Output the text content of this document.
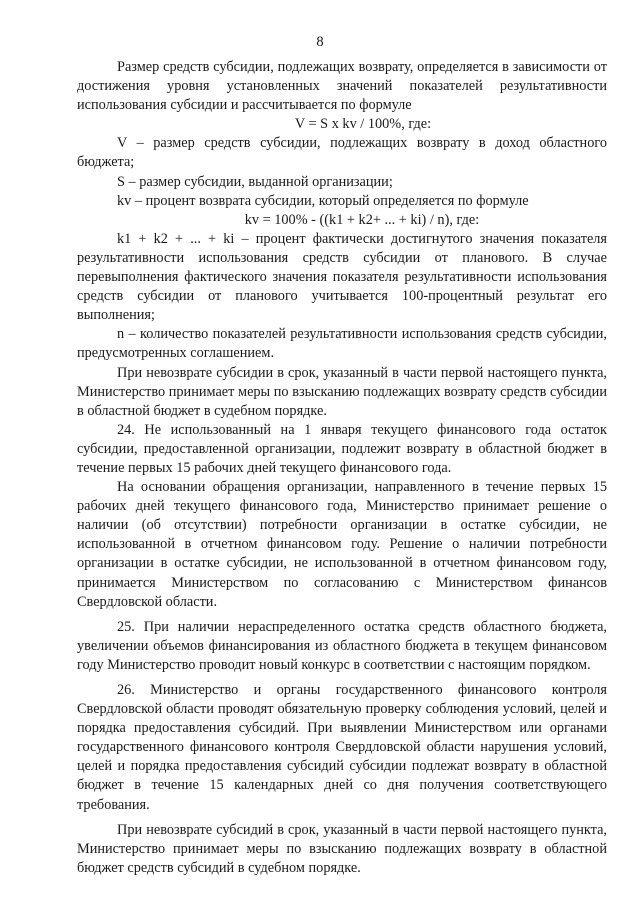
8

Размер средств субсидии, подлежащих возврату, определяется в зависимости от достижения уровня установленных значений показателей результативности использования субсидии и рассчитывается по формуле

V = S x kv / 100%, где:

V – размер средств субсидии, подлежащих возврату в доход областного бюджета;

S – размер субсидии, выданной организации;

kv – процент возврата субсидии, который определяется по формуле

kv = 100% - ((k1 + k2+ ... + ki) / n), где:

k1 + k2 + ... + ki – процент фактически достигнутого значения показателя результативности использования средств субсидии от планового. В случае перевыполнения фактического значения показателя результативности использования средств субсидии от планового учитывается 100-процентный результат его выполнения;

n – количество показателей результативности использования средств субсидии, предусмотренных соглашением.

При невозврате субсидии в срок, указанный в части первой настоящего пункта, Министерство принимает меры по взысканию подлежащих возврату средств субсидии в областной бюджет в судебном порядке.

24. Не использованный на 1 января текущего финансового года остаток субсидии, предоставленной организации, подлежит возврату в областной бюджет в течение первых 15 рабочих дней текущего финансового года.

На основании обращения организации, направленного в течение первых 15 рабочих дней текущего финансового года, Министерство принимает решение о наличии (об отсутствии) потребности организации в остатке субсидии, не использованной в отчетном финансовом году. Решение о наличии потребности организации в остатке субсидии, не использованной в отчетном финансовом году, принимается Министерством по согласованию с Министерством финансов Свердловской области.

25. При наличии нераспределенного остатка средств областного бюджета, увеличении объемов финансирования из областного бюджета в текущем финансовом году Министерство проводит новый конкурс в соответствии с настоящим порядком.

26. Министерство и органы государственного финансового контроля Свердловской области проводят обязательную проверку соблюдения условий, целей и порядка предоставления субсидий. При выявлении Министерством или органами государственного финансового контроля Свердловской области нарушения условий, целей и порядка предоставления субсидий субсидии подлежат возврату в областной бюджет в течение 15 календарных дней со дня получения соответствующего требования.

При невозврате субсидий в срок, указанный в части первой настоящего пункта, Министерство принимает меры по взысканию подлежащих возврату в областной бюджет средств субсидий в судебном порядке.
